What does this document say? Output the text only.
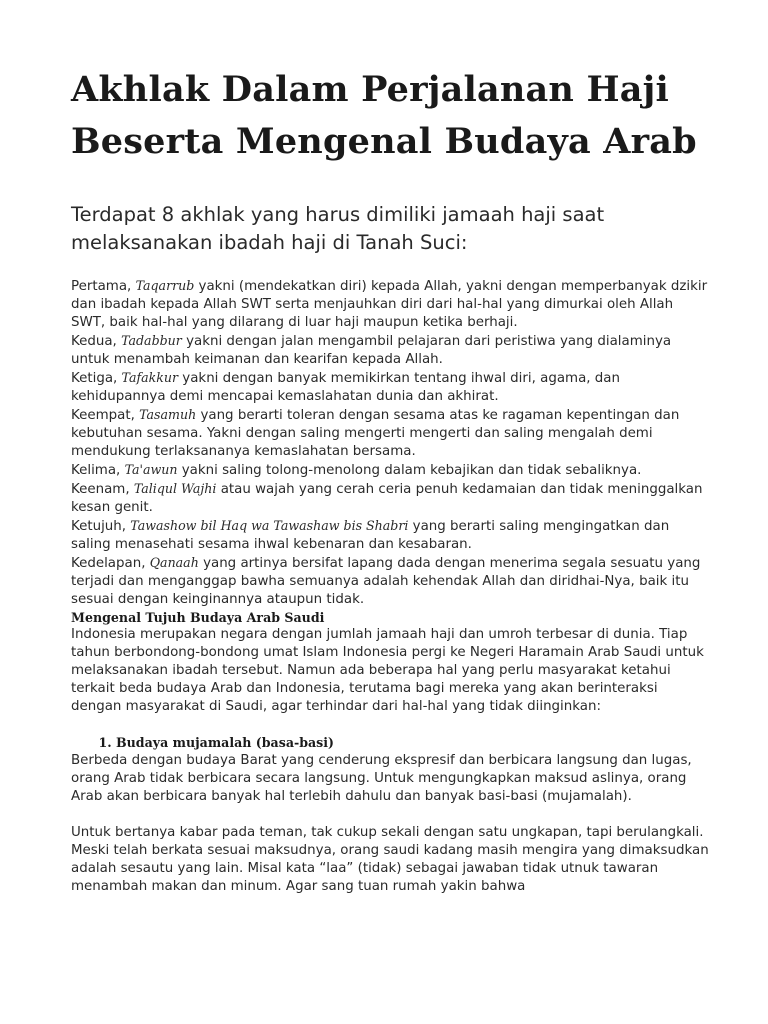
Akhlak Dalam Perjalanan Haji Beserta Mengenal Budaya Arab
Terdapat 8 akhlak yang harus dimiliki jamaah haji saat melaksanakan ibadah haji di Tanah Suci:

Pertama, Taqarrub yakni (mendekatkan diri) kepada Allah, yakni dengan memperbanyak dzikir dan ibadah kepada Allah SWT serta menjauhkan diri dari hal-hal yang dimurkai oleh Allah SWT, baik hal-hal yang dilarang di luar haji maupun ketika berhaji.

Kedua, Tadabbur yakni dengan jalan mengambil pelajaran dari peristiwa yang dialaminya untuk menambah keimanan dan kearifan kepada Allah.

Ketiga, Tafakkur yakni dengan banyak memikirkan tentang ihwal diri, agama, dan kehidupannya demi mencapai kemaslahatan dunia dan akhirat.

Keempat, Tasamuh yang berarti toleran dengan sesama atas ke ragaman kepentingan dan kebutuhan sesama. Yakni dengan saling mengerti mengerti dan saling mengalah demi mendukung terlaksananya kemaslahatan bersama.

Kelima, Ta'awun yakni saling tolong-menolong dalam kebajikan dan tidak sebaliknya.

Keenam, Taliqul Wajhi atau wajah yang cerah ceria penuh kedamaian dan tidak meninggalkan kesan genit.

Ketujuh, Tawashow bil Haq wa Tawashaw bis Shabri yang berarti saling mengingatkan dan saling menasehati sesama ihwal kebenaran dan kesabaran.

Kedelapan, Qanaah yang artinya bersifat lapang dada dengan menerima segala sesuatu yang terjadi dan menganggap bawha semuanya adalah kehendak Allah dan diridhai-Nya, baik itu sesuai dengan keinginannya ataupun tidak.

Mengenal Tujuh Budaya Arab Saudi

Indonesia merupakan negara dengan jumlah jamaah haji dan umroh terbesar di dunia. Tiap tahun berbondong-bondong umat Islam Indonesia pergi ke Negeri Haramain Arab Saudi untuk melaksanakan ibadah tersebut. Namun ada beberapa hal yang perlu masyarakat ketahui terkait beda budaya Arab dan Indonesia, terutama bagi mereka yang akan berinteraksi dengan masyarakat di Saudi, agar terhindar dari hal-hal yang tidak diinginkan:

1. Budaya mujamalah (basa-basi)

Berbeda dengan budaya Barat yang cenderung ekspresif dan berbicara langsung dan lugas, orang Arab tidak berbicara secara langsung. Untuk mengungkapkan maksud aslinya, orang Arab akan berbicara banyak hal terlebih dahulu dan banyak basi-basi (mujamalah).

Untuk bertanya kabar pada teman, tak cukup sekali dengan satu ungkapan, tapi berulangkali. Meski telah berkata sesuai maksudnya, orang saudi kadang masih mengira yang dimaksudkan adalah sesautu yang lain. Misal kata “laa” (tidak) sebagai jawaban tidak utnuk tawaran menambah makan dan minum. Agar sang tuan rumah yakin bahwa
